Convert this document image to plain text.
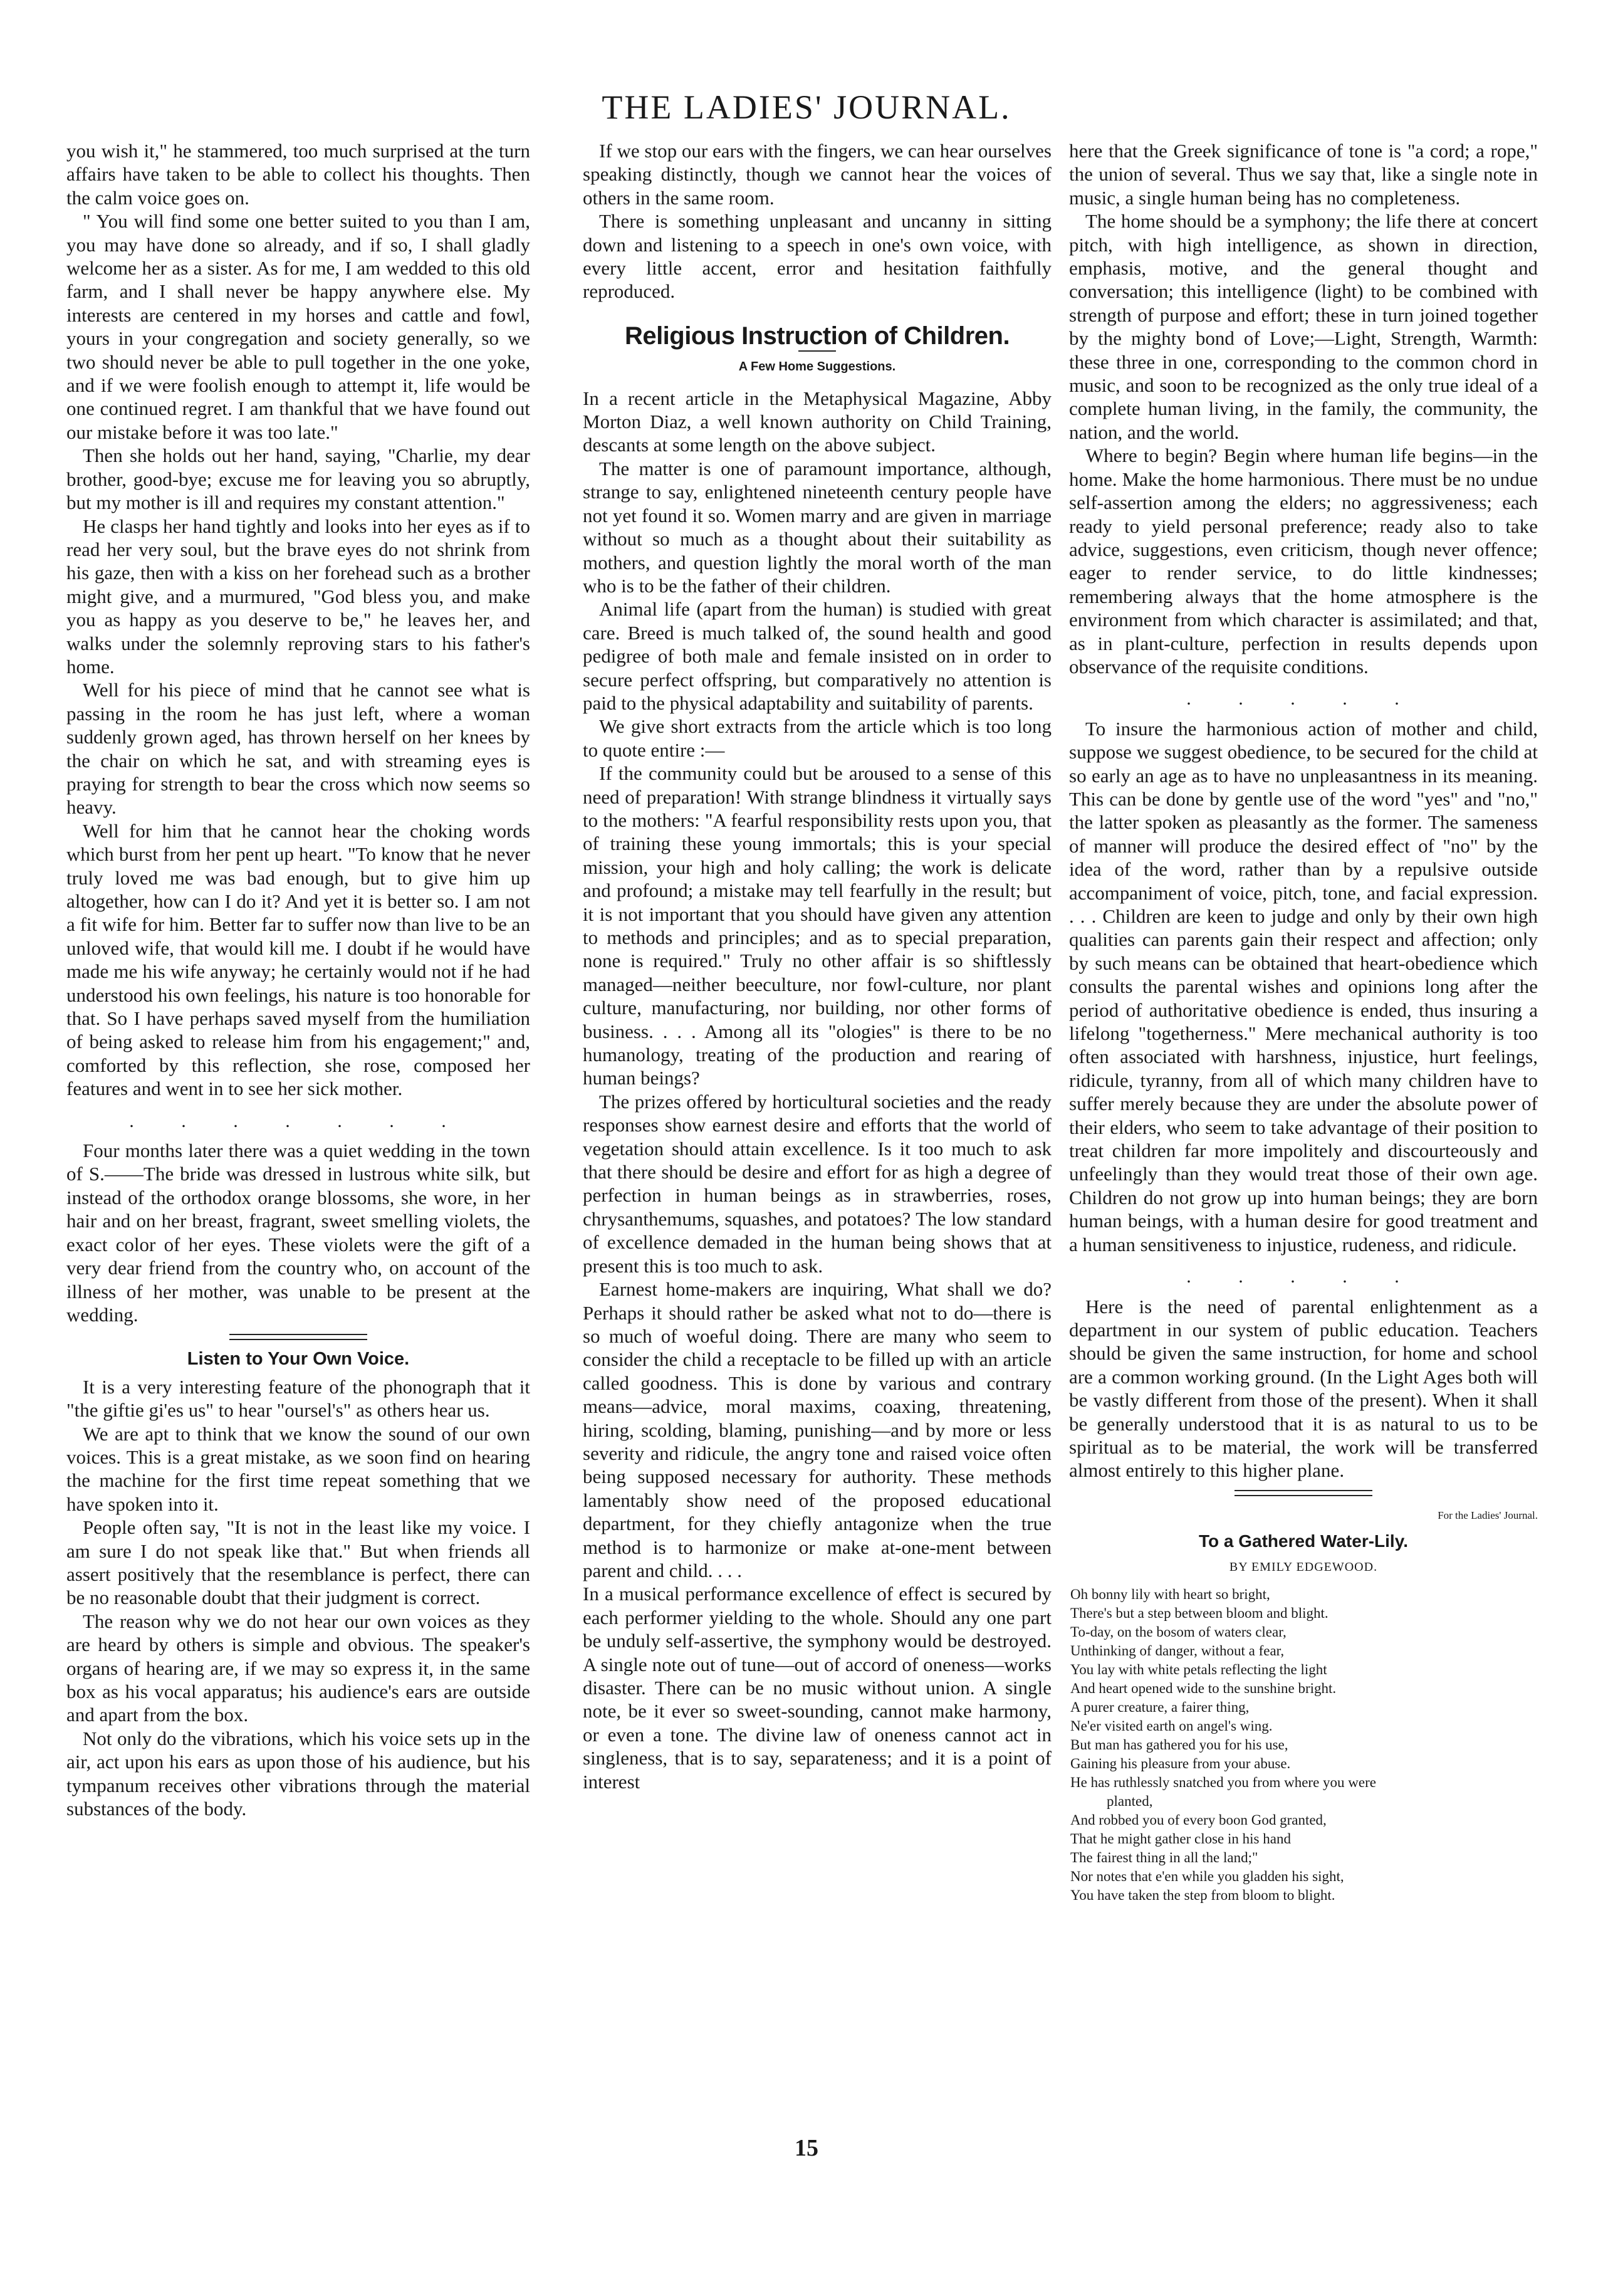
THE LADIES' JOURNAL.

you wish it," he stammered, too much surprised at the turn affairs have taken to be able to collect his thoughts. Then the calm voice goes on.

" You will find some one better suited to you than I am, you may have done so already, and if so, I shall gladly welcome her as a sister. As for me, I am wedded to this old farm, and I shall never be happy anywhere else. My interests are centered in my horses and cattle and fowl, yours in your congregation and society generally, so we two should never be able to pull together in the one yoke, and if we were foolish enough to attempt it, life would be one continued regret. I am thankful that we have found out our mistake before it was too late."

Then she holds out her hand, saying, "Charlie, my dear brother, good-bye; excuse me for leaving you so abruptly, but my mother is ill and requires my constant attention."

He clasps her hand tightly and looks into her eyes as if to read her very soul, but the brave eyes do not shrink from his gaze, then with a kiss on her forehead such as a brother might give, and a murmured, "God bless you, and make you as happy as you deserve to be," he leaves her, and walks under the solemnly reproving stars to his father's home.

Well for his piece of mind that he cannot see what is passing in the room he has just left, where a woman suddenly grown aged, has thrown herself on her knees by the chair on which he sat, and with streaming eyes is praying for strength to bear the cross which now seems so heavy.

Well for him that he cannot hear the choking words which burst from her pent up heart. "To know that he never truly loved me was bad enough, but to give him up altogether, how can I do it? And yet it is better so. I am not a fit wife for him. Better far to suffer now than live to be an unloved wife, that would kill me. I doubt if he would have made me his wife anyway; he certainly would not if he had understood his own feelings, his nature is too honorable for that. So I have perhaps saved myself from the humiliation of being asked to release him from his engagement;" and, comforted by this reflection, she rose, composed her features and went in to see her sick mother.

. . . . . . .

Four months later there was a quiet wedding in the town of S.——The bride was dressed in lustrous white silk, but instead of the orthodox orange blossoms, she wore, in her hair and on her breast, fragrant, sweet smelling violets, the exact color of her eyes. These violets were the gift of a very dear friend from the country who, on account of the illness of her mother, was unable to be present at the wedding.

Listen to Your Own Voice.

It is a very interesting feature of the phonograph that it "the giftie gi'es us" to hear "oursel's" as others hear us.

We are apt to think that we know the sound of our own voices. This is a great mistake, as we soon find on hearing the machine for the first time repeat something that we have spoken into it.

People often say, "It is not in the least like my voice. I am sure I do not speak like that." But when friends all assert positively that the resemblance is perfect, there can be no reasonable doubt that their judgment is correct.

The reason why we do not hear our own voices as they are heard by others is simple and obvious. The speaker's organs of hearing are, if we may so express it, in the same box as his vocal apparatus; his audience's ears are outside and apart from the box.

Not only do the vibrations, which his voice sets up in the air, act upon his ears as upon those of his audience, but his tympanum receives other vibrations through the material substances of the body.

If we stop our ears with the fingers, we can hear ourselves speaking distinctly, though we cannot hear the voices of others in the same room.

There is something unpleasant and uncanny in sitting down and listening to a speech in one's own voice, with every little accent, error and hesitation faithfully reproduced.

Religious Instruction of Children.
A Few Home Suggestions.

In a recent article in the Metaphysical Magazine, Abby Morton Diaz, a well known authority on Child Training, descants at some length on the above subject.

The matter is one of paramount importance, although, strange to say, enlightened nineteenth century people have not yet found it so. Women marry and are given in marriage without so much as a thought about their suitability as mothers, and question lightly the moral worth of the man who is to be the father of their children.

Animal life (apart from the human) is studied with great care. Breed is much talked of, the sound health and good pedigree of both male and female insisted on in order to secure perfect offspring, but comparatively no attention is paid to the physical adaptability and suitability of parents.

We give short extracts from the article which is too long to quote entire :—

If the community could but be aroused to a sense of this need of preparation! With strange blindness it virtually says to the mothers: "A fearful responsibility rests upon you, that of training these young immortals; this is your special mission, your high and holy calling; the work is delicate and profound; a mistake may tell fearfully in the result; but it is not important that you should have given any attention to methods and principles; and as to special preparation, none is required." Truly no other affair is so shiftlessly managed—neither beeculture, nor fowl-culture, nor plant culture, manufacturing, nor building, nor other forms of business. . . . Among all its "ologies" is there to be no humanology, treating of the production and rearing of human beings?

The prizes offered by horticultural societies and the ready responses show earnest desire and efforts that the world of vegetation should attain excellence. Is it too much to ask that there should be desire and effort for as high a degree of perfection in human beings as in strawberries, roses, chrysanthemums, squashes, and potatoes? The low standard of excellence demaded in the human being shows that at present this is too much to ask.

Earnest home-makers are inquiring, What shall we do? Perhaps it should rather be asked what not to do—there is so much of woeful doing. There are many who seem to consider the child a receptacle to be filled up with an article called goodness. This is done by various and contrary means—advice, moral maxims, coaxing, threatening, hiring, scolding, blaming, punishing—and by more or less severity and ridicule, the angry tone and raised voice often being supposed necessary for authority. These methods lamentably show need of the proposed educational department, for they chiefly antagonize when the true method is to harmonize or make at-one-ment between parent and child. . . .

In a musical performance excellence of effect is secured by each performer yielding to the whole. Should any one part be unduly self-assertive, the symphony would be destroyed. A single note out of tune—out of accord of oneness—works disaster. There can be no music without union. A single note, be it ever so sweet-sounding, cannot make harmony, or even a tone. The divine law of oneness cannot act in singleness, that is to say, separateness; and it is a point of interest

here that the Greek significance of tone is "a cord; a rope," the union of several. Thus we say that, like a single note in music, a single human being has no completeness.

The home should be a symphony; the life there at concert pitch, with high intelligence, as shown in direction, emphasis, motive, and the general thought and conversation; this intelligence (light) to be combined with strength of purpose and effort; these in turn joined together by the mighty bond of Love;—Light, Strength, Warmth: these three in one, corresponding to the common chord in music, and soon to be recognized as the only true ideal of a complete human living, in the family, the community, the nation, and the world.

Where to begin? Begin where human life begins—in the home. Make the home harmonious. There must be no undue self-assertion among the elders; no aggressiveness; each ready to yield personal preference; ready also to take advice, suggestions, even criticism, though never offence; eager to render service, to do little kindnesses; remembering always that the home atmosphere is the environment from which character is assimilated; and that, as in plant-culture, perfection in results depends upon observance of the requisite conditions.

. . . . .

To insure the harmonious action of mother and child, suppose we suggest obedience, to be secured for the child at so early an age as to have no unpleasantness in its meaning. This can be done by gentle use of the word "yes" and "no," the latter spoken as pleasantly as the former. The sameness of manner will produce the desired effect of "no" by the idea of the word, rather than by a repulsive outside accompaniment of voice, pitch, tone, and facial expression. . . . Children are keen to judge and only by their own high qualities can parents gain their respect and affection; only by such means can be obtained that heart-obedience which consults the parental wishes and opinions long after the period of authoritative obedience is ended, thus insuring a lifelong "togetherness." Mere mechanical authority is too often associated with harshness, injustice, hurt feelings, ridicule, tyranny, from all of which many children have to suffer merely because they are under the absolute power of their elders, who seem to take advantage of their position to treat children far more impolitely and discourteously and unfeelingly than they would treat those of their own age. Children do not grow up into human beings; they are born human beings, with a human desire for good treatment and a human sensitiveness to injustice, rudeness, and ridicule.

. . . . .

Here is the need of parental enlightenment as a department in our system of public education. Teachers should be given the same instruction, for home and school are a common working ground. (In the Light Ages both will be vastly different from those of the present). When it shall be generally understood that it is as natural to us to be spiritual as to be material, the work will be transferred almost entirely to this higher plane.

For the Ladies' Journal.
To a Gathered Water-Lily.
BY EMILY EDGEWOOD.
Oh bonny lily with heart so bright,
There's but a step between bloom and blight.
To-day, on the bosom of waters clear,
Unthinking of danger, without a fear,
You lay with white petals reflecting the light
And heart opened wide to the sunshine bright.
A purer creature, a fairer thing,
Ne'er visited earth on angel's wing.
But man has gathered you for his use,
Gaining his pleasure from your abuse.
He has ruthlessly snatched you from where you were
planted,
And robbed you of every boon God granted,
That he might gather close in his hand
The fairest thing in all the land;"
Nor notes that e'en while you gladden his sight,
You have taken the step from bloom to blight.
15
